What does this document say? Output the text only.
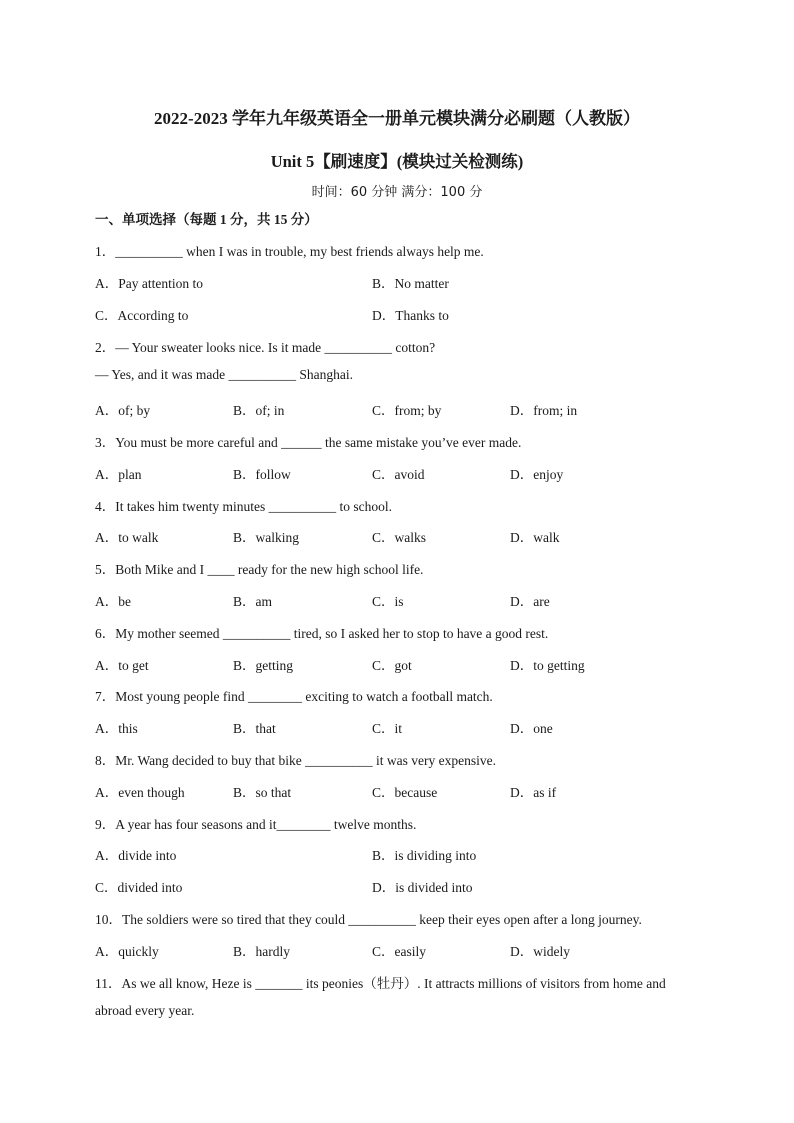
2022-2023 学年九年级英语全一册单元模块满分必刷题（人教版）
Unit 5【刷速度】(模块过关检测练)
时间：60 分钟 满分：100 分
一、单项选择（每题 1 分，共 15 分）
1．__________ when I was in trouble, my best friends always help me.
A．Pay attention to	B．No matter
C．According to	D．Thanks to
2．— Your sweater looks nice. Is it made __________ cotton?
— Yes, and it was made __________ Shanghai.
A．of; by	B．of; in	C．from; by	D．from; in
3．You must be more careful and ______ the same mistake you’ve ever made.
A．plan	B．follow	C．avoid	D．enjoy
4．It takes him twenty minutes __________ to school.
A．to walk	B．walking	C．walks	D．walk
5．Both Mike and I ____ ready for the new high school life.
A．be	B．am	C．is	D．are
6．My mother seemed __________ tired, so I asked her to stop to have a good rest.
A．to get	B．getting	C．got	D．to getting
7．Most young people find ________ exciting to watch a football match.
A．this	B．that	C．it	D．one
8．Mr. Wang decided to buy that bike __________ it was very expensive.
A．even though	B．so that	C．because	D．as if
9．A year has four seasons and it________ twelve months.
A．divide into	B．is dividing into
C．divided into	D．is divided into
10．The soldiers were so tired that they could __________ keep their eyes open after a long journey.
A．quickly	B．hardly	C．easily	D．widely
11．As we all know, Heze is _______ its peonies（牡丹）. It attracts millions of visitors from home and
abroad every year.
